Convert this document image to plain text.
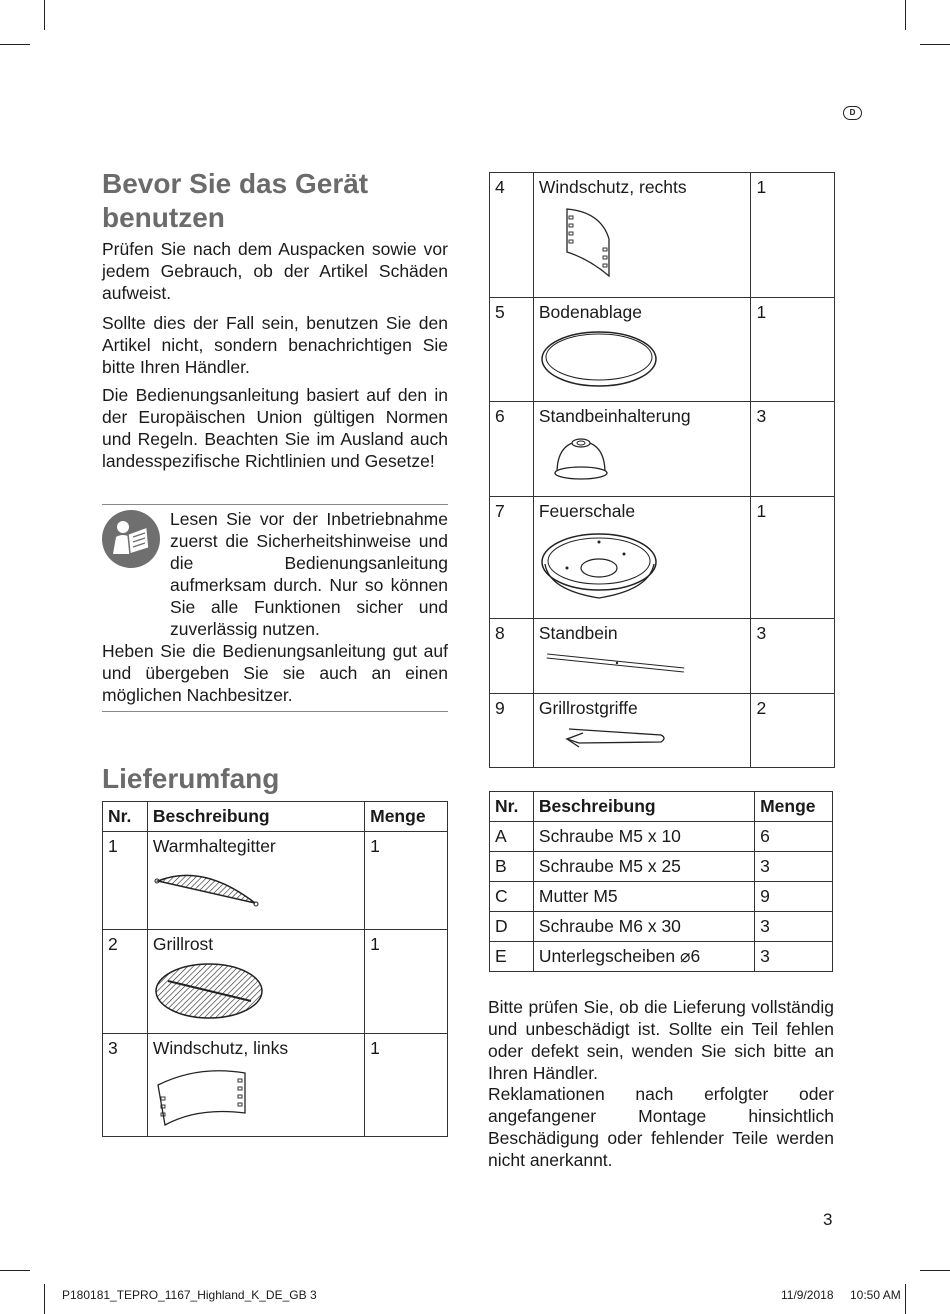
D
Bevor Sie das Gerät
benutzen

Prüfen Sie nach dem Auspacken sowie vor jedem Gebrauch, ob der Artikel Schäden aufweist.

Sollte dies der Fall sein, benutzen Sie den Artikel nicht, sondern benachrichtigen Sie bitte Ihren Händler.

Die Bedienungsanleitung basiert auf den in der Europäischen Union gültigen Normen und Regeln. Beachten Sie im Ausland auch landesspezifische Richtlinien und Gesetze!

Lesen Sie vor der Inbetriebnahme zuerst die Sicherheitshinweise und die Bedienungsanleitung aufmerksam durch. Nur so können Sie alle Funktionen sicher und zuverlässig nutzen.

Heben Sie die Bedienungsanleitung gut auf und übergeben Sie sie auch an einen möglichen Nachbesitzer.

Lieferumfang
Nr.	Beschreibung	Menge
1	Warmhaltegitter	1
2	Grillrost	1
3	Windschutz, links	1
4	Windschutz, rechts	1
5	Bodenablage	1
6	Standbeinhalterung	3
7	Feuerschale	1
8	Standbein	3
9	Grillrostgriffe	2
Nr.	Beschreibung	Menge
A	Schraube M5 x 10	6
B	Schraube M5 x 25	3
C	Mutter M5	9
D	Schraube M6 x 30	3
E	Unterlegscheiben ⌀6	3

Bitte prüfen Sie, ob die Lieferung vollständig und unbeschädigt ist. Sollte ein Teil fehlen oder defekt sein, wenden Sie sich bitte an Ihren Händler.

Reklamationen nach erfolgter oder angefangener Montage hinsichtlich Beschädigung oder fehlender Teile werden nicht anerkannt.

3
P180181_TEPRO_1167_Highland_K_DE_GB 3	11/9/2018 10:50 AM
